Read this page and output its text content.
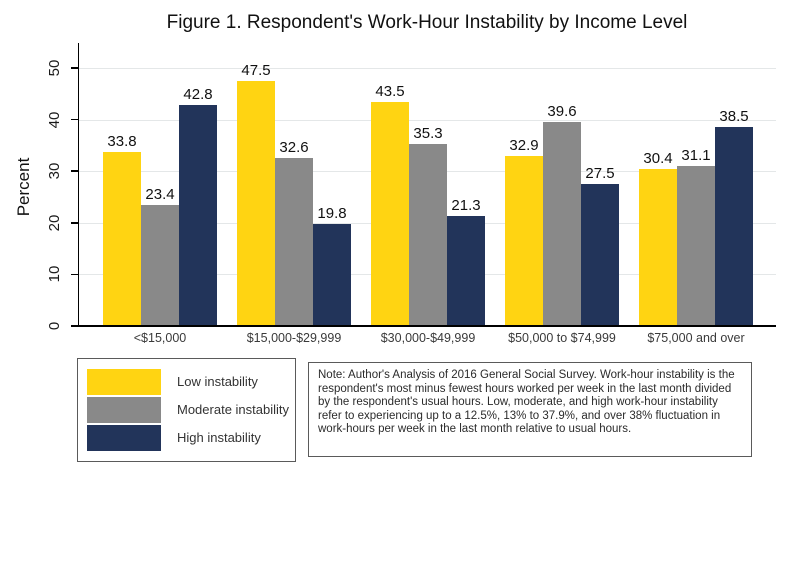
Figure 1. Respondent's Work-Hour Instability by Income Level
Percent
0
10
20
30
40
50
33.8
23.4
42.8
<$15,000
47.5
32.6
19.8
$15,000-$29,999
43.5
35.3
21.3
$30,000-$49,999
32.9
39.6
27.5
$50,000 to $74,999
30.4 31.1
38.5
$75,000 and over
Low instability
Moderate instability
High instability
Note: Author's Analysis of 2016 General Social Survey. Work-hour instability is the respondent's most minus fewest hours worked per week in the last month divided by the respondent's usual hours. Low, moderate, and high work-hour instability refer to experiencing up to a 12.5%, 13% to 37.9%, and over 38% fluctuation in work-hours per week in the last month relative to usual hours.
